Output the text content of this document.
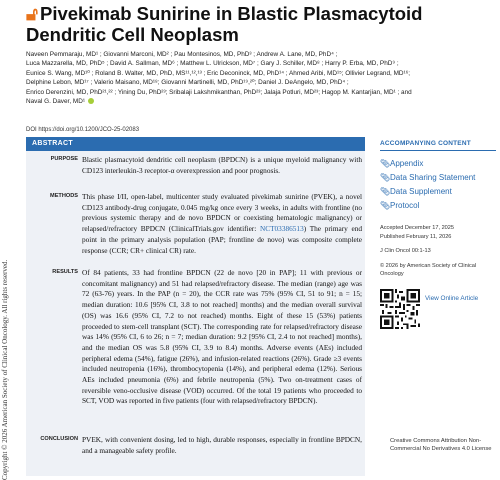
Copyright © 2026 American Society of Clinical Oncology. All rights reserved.
🔓︎ Pivekimab Sunirine in Blastic Plasmacytoid Dendritic Cell Neoplasm
Naveen Pemmaraju, MD¹ ; Giovanni Marconi, MD² ; Pau Montesinos, MD, PhD³ ; Andrew A. Lane, MD, PhD⁴ ;
Luca Mazzarella, MD, PhD⁵ ; David A. Sallman, MD⁶ ; Matthew L. Ulrickson, MD⁷ ; Gary J. Schiller, MD⁸ ; Harry P. Erba, MD, PhD⁹ ;
Eunice S. Wang, MD¹⁰ ; Roland B. Walter, MD, PhD, MS¹¹,¹²,¹³ ; Eric Deconinck, MD, PhD¹⁴ ; Ahmed Aribi, MD¹⁵; Ollivier Legrand, MD¹⁶;
Delphine Lebon, MD¹⁷ ; Valerio Maisano, MD¹⁸; Giovanni Martinelli, MD, PhD¹⁹,²⁰; Daniel J. DeAngelo, MD, PhD⁴ ;
Enrico Derenzini, MD, PhD²¹,²² ; Yining Du, PhD²³; Sribalaji Lakshmikanthan, PhD²³; Jalaja Potluri, MD²³; Hagop M. Kantarjian, MD¹ ; and
Naval G. Daver, MD¹
DOI https://doi.org/10.1200/JCO-25-02083
ABSTRACT
PURPOSE Blastic plasmacytoid dendritic cell neoplasm (BPDCN) is a unique myeloid malignancy with CD123 interleukin-3 receptor-α overexpression and poor prognosis.
METHODS This phase I/II, open-label, multicenter study evaluated pivekimab sunirine (PVEK), a novel CD123 antibody-drug conjugate, 0.045 mg/kg once every 3 weeks, in adults with frontline (no previous systemic therapy and de novo BPDCN or coexisting hematologic malignancy) or relapsed/refractory BPDCN (ClinicalTrials.gov identifier: NCT03386513) The primary end point in the primary analysis population (PAP; frontline de novo) was composite complete response (CCR; CR+ clinical CR) rate.
RESULTS Of 84 patients, 33 had frontline BPDCN (22 de novo [20 in PAP]; 11 with previous or concomitant malignancy) and 51 had relapsed/refractory disease. The median (range) age was 72 (63-76) years. In the PAP (n = 20), the CCR rate was 75% (95% CI, 51 to 91; n = 15; median duration: 10.6 [95% CI, 3.8 to not reached] months) and the median overall survival (OS) was 16.6 (95% CI, 7.2 to not reached) months. Eight of these 15 (53%) patients proceeded to stem-cell transplant (SCT). The corresponding rate for relapsed/refractory disease was 14% (95% CI, 6 to 26; n = 7; median duration: 9.2 [95% CI, 2.4 to not reached] months), and the median OS was 5.8 (95% CI, 3.9 to 8.4) months. Adverse events (AEs) included peripheral edema (54%), fatigue (26%), and infusion-related reactions (26%). Grade ≥3 events included neutropenia (16%), thrombocytopenia (14%), and peripheral edema (12%). Serious AEs included pneumonia (6%) and febrile neutropenia (5%). Two on-treatment cases of reversible veno-occlusive disease (VOD) occurred. Of the total 19 patients who proceeded to SCT, VOD was reported in five patients (four with relapsed/refractory BPDCN).
CONCLUSION PVEK, with convenient dosing, led to high, durable responses, especially in frontline BPDCN, and a manageable safety profile.
ACCOMPANYING CONTENT
📎︎ Appendix
📎︎ Data Sharing Statement
📎︎ Data Supplement
📎︎ Protocol
Accepted December 17, 2025
Published February 11, 2026
J Clin Oncol 00:1-13
© 2026 by American Society of Clinical Oncology
View Online Article
Creative Commons Attribution Non-Commercial No Derivatives 4.0 License
